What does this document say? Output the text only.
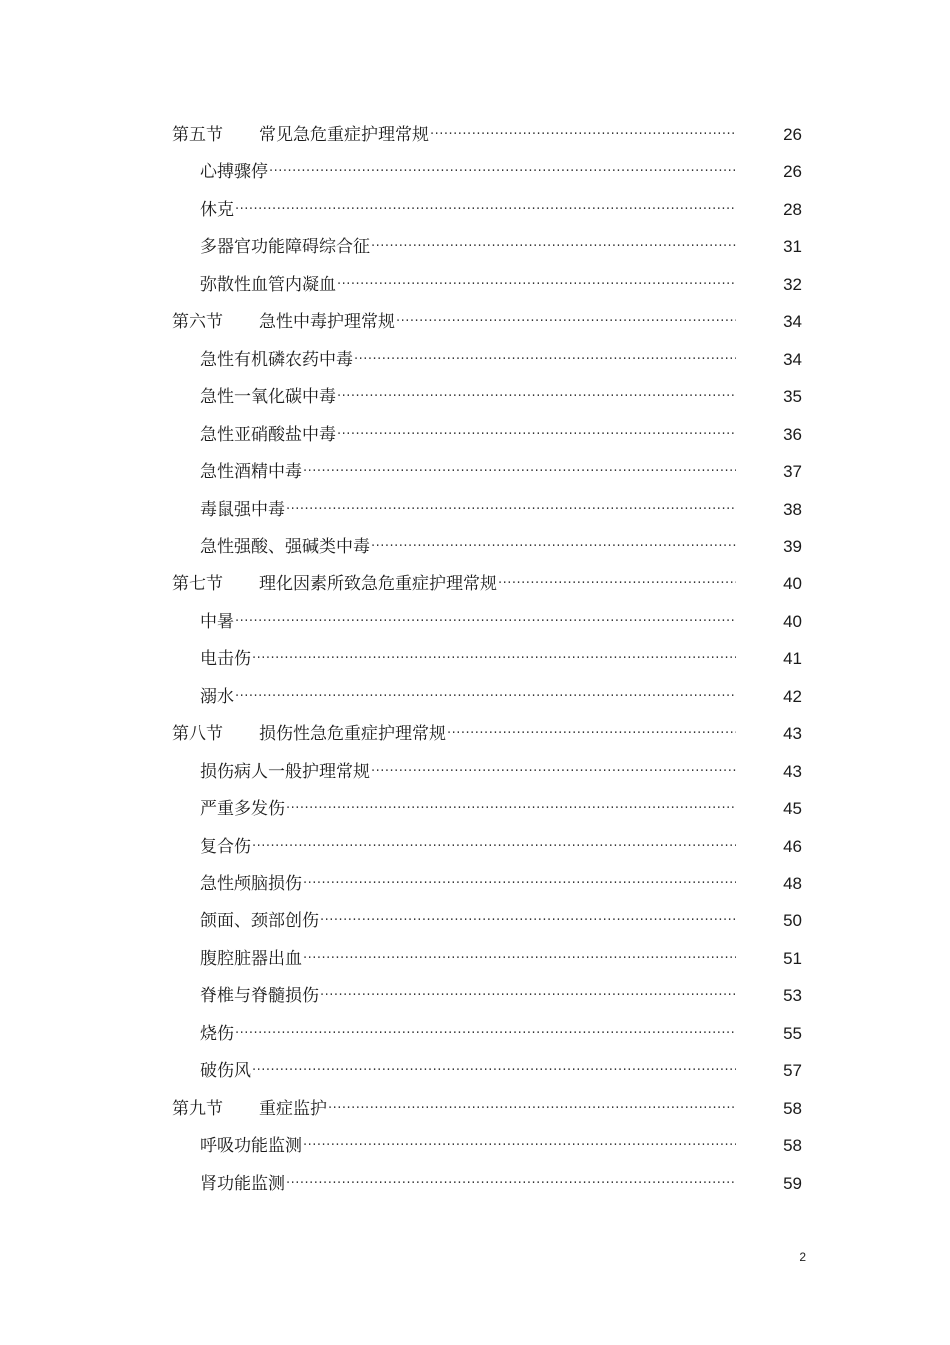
第五节	常见急危重症护理常规 ·····	26
心搏骤停 ·····	26
休克 ·····	28
多器官功能障碍综合征 ·····	31
弥散性血管内凝血 ·····	32
第六节	急性中毒护理常规 ·····	34
急性有机磷农药中毒 ·····	34
急性一氧化碳中毒 ·····	35
急性亚硝酸盐中毒 ·····	36
急性酒精中毒 ·····	37
毒鼠强中毒 ·····	38
急性强酸、强碱类中毒 ·····	39
第七节	理化因素所致急危重症护理常规 ·····	40
中暑 ·····	40
电击伤 ·····	41
溺水 ·····	42
第八节	损伤性急危重症护理常规 ·····	43
损伤病人一般护理常规 ·····	43
严重多发伤 ·····	45
复合伤 ·····	46
急性颅脑损伤 ·····	48
颌面、颈部创伤 ·····	50
腹腔脏器出血 ·····	51
脊椎与脊髓损伤 ·····	53
烧伤 ·····	55
破伤风 ·····	57
第九节	重症监护 ·····	58
呼吸功能监测 ·····	58
肾功能监测 ·····	59
2
